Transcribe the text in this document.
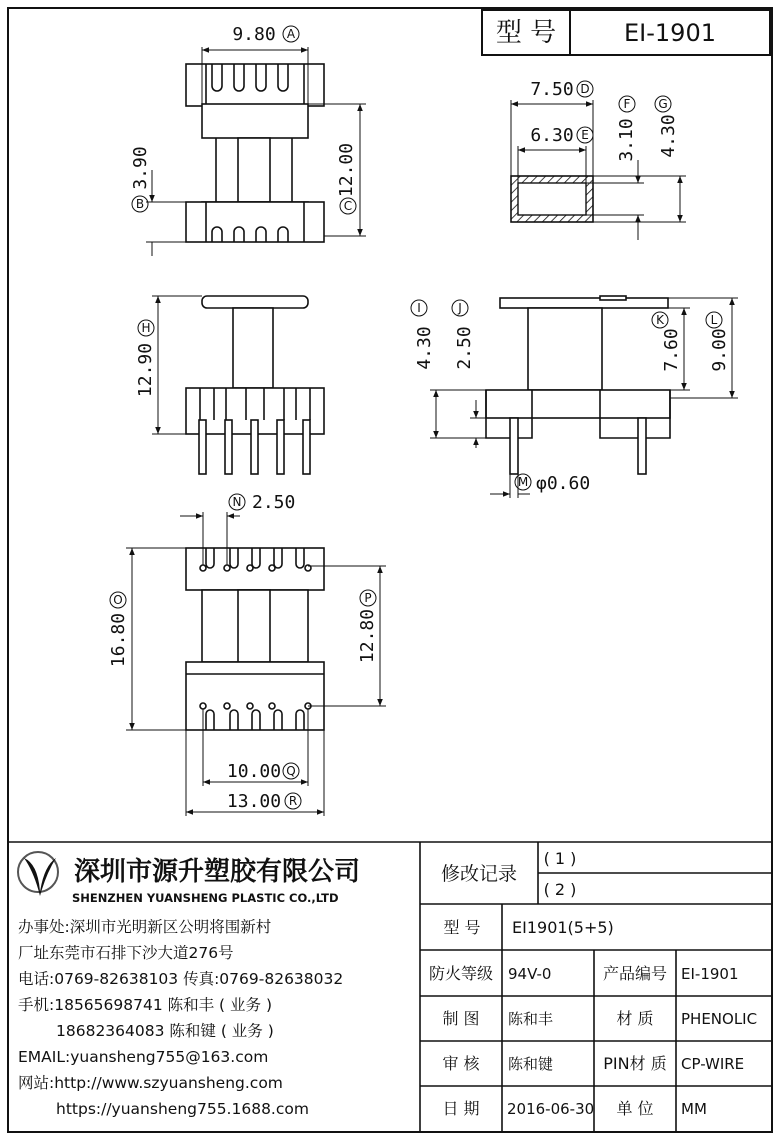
型 号	EI-1901
9.80 A
12.00
C
3.90
B
7.50 D
6.30 E 3.10
F
4.30
G
12.90
H	4.30
I
2.50
J
7.60
K
9.00
L
M φ0.60
N 2.50
16.80
O
12.80
P
10.00 Q
13.00 R
深圳市源升塑胶有限公司
SHENZHEN YUANSHENG PLASTIC CO.,LTD
办事处:深圳市光明新区公明将围新村
厂址东莞市石排下沙大道276号
电话:0769-82638103 传真:0769-82638032
手机:18565698741 陈和丰 ( 业务 )
18682364083 陈和键 ( 业务 )
EMAIL:yuansheng755@163.com
网站:http://www.szyuansheng.com
https://yuansheng755.1688.com
修改记录
( 1 )
( 2 )
型 号 EI1901(5+5)
防火等级 94V-0	产品编号 EI-1901
制 图 陈和丰	材 质 PHENOLIC
审 核 陈和键	PIN材 质 CP-WIRE
日 期 2016-06-30 单 位 MM
